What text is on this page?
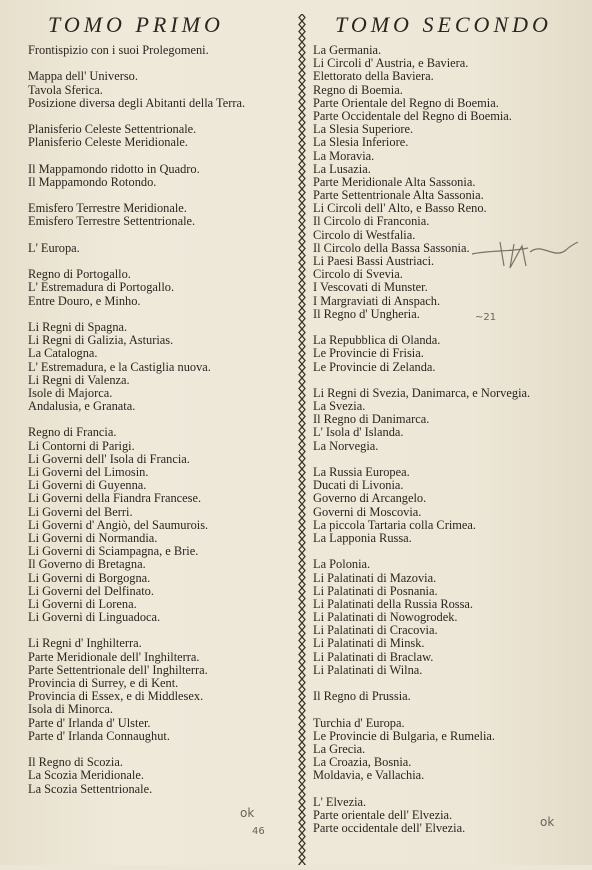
TOMO PRIMO
Frontispizio con i suoi Prolegomeni.
Mappa dell' Universo.
Tavola Sferica.
Posizione diversa degli Abitanti della Terra.
Planisferio Celeste Settentrionale.
Planisferio Celeste Meridionale.
Il Mappamondo ridotto in Quadro.
Il Mappamondo Rotondo.
Emisfero Terrestre Meridionale.
Emisfero Terrestre Settentrionale.
L' Europa.
Regno di Portogallo.
L' Estremadura di Portogallo.
Entre Douro, e Minho.
Li Regni di Spagna.
Li Regni di Galizia, Asturias.
La Catalogna.
L' Estremadura, e la Castiglia nuova.
Li Regni di Valenza.
Isole di Majorca.
Andalusia, e Granata.
Regno di Francia.
Li Contorni di Parigi.
Li Governi dell' Isola di Francia.
Li Governi del Limosin.
Li Governi di Guyenna.
Li Governi della Fiandra Francese.
Li Governi del Berri.
Li Governi d' Angiò, del Saumurois.
Li Governi di Normandia.
Li Governi di Sciampagna, e Brie.
Il Governo di Bretagna.
Li Governi di Borgogna.
Li Governi del Delfinato.
Li Governi di Lorena.
Li Governi di Linguadoca.
Li Regni d' Inghilterra.
Parte Meridionale dell' Inghilterra.
Parte Settentrionale dell' Inghilterra.
Provincia di Surrey, e di Kent.
Provincia di Essex, e di Middlesex.
Isola di Minorca.
Parte d' Irlanda d' Ulster.
Parte d' Irlanda Connaughut.
Il Regno di Scozia.
La Scozia Meridionale.
La Scozia Settentrionale.
TOMO SECONDO
La Germania.
Li Circoli d' Austria, e Baviera.
Elettorato della Baviera.
Regno di Boemia.
Parte Orientale del Regno di Boemia.
Parte Occidentale del Regno di Boemia.
La Slesia Superiore.
La Slesia Inferiore.
La Moravia.
La Lusazia.
Parte Meridionale Alta Sassonia.
Parte Settentrionale Alta Sassonia.
Li Circoli dell' Alto, e Basso Reno.
Il Circolo di Franconia.
Circolo di Westfalia.
Il Circolo della Bassa Sassonia.
Li Paesi Bassi Austriaci.
Circolo di Svevia.
I Vescovati di Munster.
I Margraviati di Anspach.
Il Regno d' Ungheria.
La Repubblica di Olanda.
Le Provincie di Frisia.
Le Provincie di Zelanda.
Li Regni di Svezia, Danimarca, e Norvegia.
La Svezia.
Il Regno di Danimarca.
L' Isola d' Islanda.
La Norvegia.
La Russia Europea.
Ducati di Livonia.
Governo di Arcangelo.
Governi di Moscovia.
La piccola Tartaria colla Crimea.
La Lapponia Russa.
La Polonia.
Li Palatinati di Mazovia.
Li Palatinati di Posnania.
Li Palatinati della Russia Rossa.
Li Palatinati di Nowogrodek.
Li Palatinati di Cracovia.
Li Palatinati di Minsk.
Li Palatinati di Braclaw.
Li Palatinati di Wilna.
Il Regno di Prussia.
Turchia d' Europa.
Le Provincie di Bulgaria, e Rumelia.
La Grecia.
La Croazia, Bosnia.
Moldavia, e Vallachia.
L' Elvezia.
Parte orientale dell' Elvezia.
Parte occidentale dell' Elvezia.
~21
ok
46
ok
